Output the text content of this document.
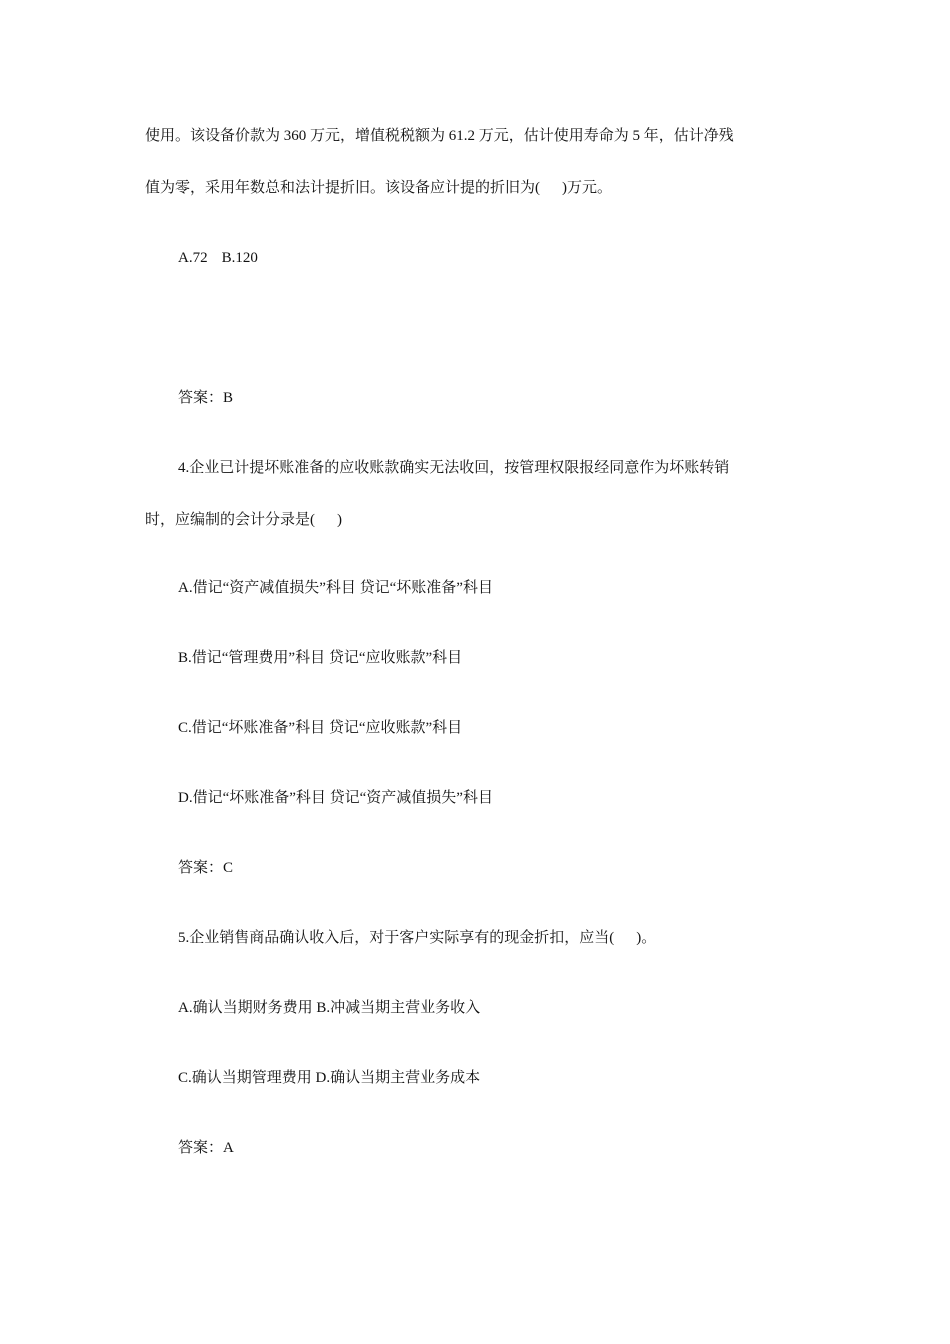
使用。该设备价款为 360 万元，增值税税额为 61.2 万元，估计使用寿命为 5 年，估计净残
值为零，采用年数总和法计提折旧。该设备应计提的折旧为( )万元。
A.72 B.120
答案：B
4.企业已计提坏账准备的应收账款确实无法收回，按管理权限报经同意作为坏账转销
时，应编制的会计分录是( )
A.借记“资产减值损失”科目 贷记“坏账准备”科目
B.借记“管理费用”科目 贷记“应收账款”科目
C.借记“坏账准备”科目 贷记“应收账款”科目
D.借记“坏账准备”科目 贷记“资产减值损失”科目
答案：C
5.企业销售商品确认收入后，对于客户实际享有的现金折扣，应当( )。
A.确认当期财务费用 B.冲减当期主营业务收入
C.确认当期管理费用 D.确认当期主营业务成本
答案：A
